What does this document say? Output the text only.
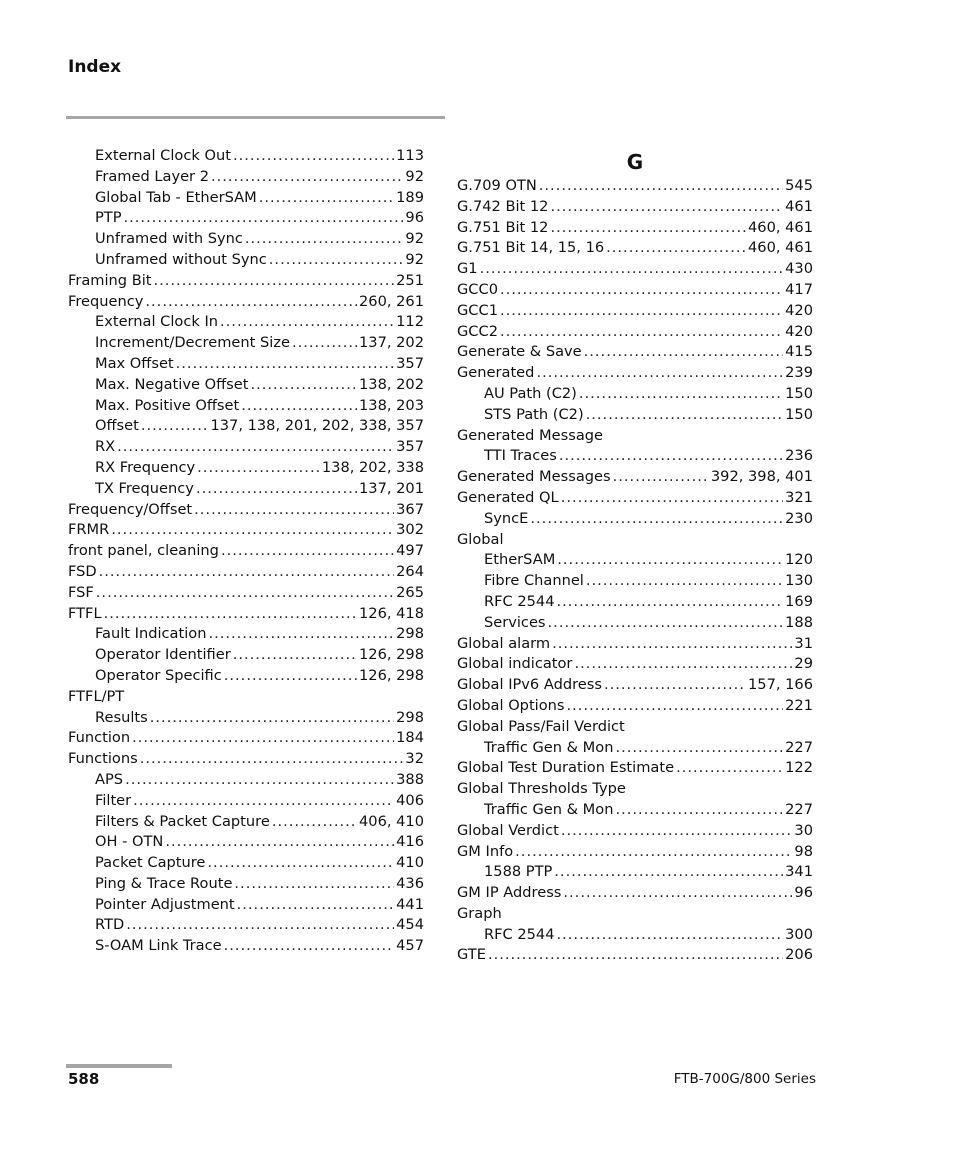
Index
External Clock Out .....	113
Framed Layer 2 .....	92
Global Tab - EtherSAM .....	189
PTP .....	96
Unframed with Sync .....	92
Unframed without Sync .....	92
Framing Bit .....	251
Frequency .....	260, 261
External Clock In .....	112
Increment/Decrement Size .....	137, 202
Max Offset .....	357
Max. Negative Offset .....	138, 202
Max. Positive Offset .....	138, 203
Offset .....	137, 138, 201, 202, 338, 357
RX .....	357
RX Frequency .....	138, 202, 338
TX Frequency .....	137, 201
Frequency/Offset .....	367
FRMR .....	302
front panel, cleaning .....	497
FSD .....	264
FSF .....	265
FTFL .....	126, 418
Fault Indication .....	298
Operator Identifier .....	126, 298
Operator Specific .....	126, 298
FTFL/PT
Results .....	298
Function .....	184
Functions .....	32
APS .....	388
Filter .....	406
Filters & Packet Capture .....	406, 410
OH - OTN .....	416
Packet Capture .....	410
Ping & Trace Route .....	436
Pointer Adjustment .....	441
RTD .....	454
S-OAM Link Trace .....	457
G
G.709 OTN .....	545
G.742 Bit 12 .....	461
G.751 Bit 12 .....	460, 461
G.751 Bit 14, 15, 16 .....	460, 461
G1 .....	430
GCC0 .....	417
GCC1 .....	420
GCC2 .....	420
Generate & Save .....	415
Generated .....	239
AU Path (C2) .....	150
STS Path (C2) .....	150
Generated Message
TTI Traces .....	236
Generated Messages .....	392, 398, 401
Generated QL .....	321
SyncE .....	230
Global
EtherSAM .....	120
Fibre Channel .....	130
RFC 2544 .....	169
Services .....	188
Global alarm .....	31
Global indicator .....	29
Global IPv6 Address .....	157, 166
Global Options .....	221
Global Pass/Fail Verdict
Traffic Gen & Mon .....	227
Global Test Duration Estimate .....	122
Global Thresholds Type
Traffic Gen & Mon .....	227
Global Verdict .....	30
GM Info .....	98
1588 PTP .....	341
GM IP Address .....	96
Graph
RFC 2544 .....	300
GTE .....	206
588	FTB-700G/800 Series
